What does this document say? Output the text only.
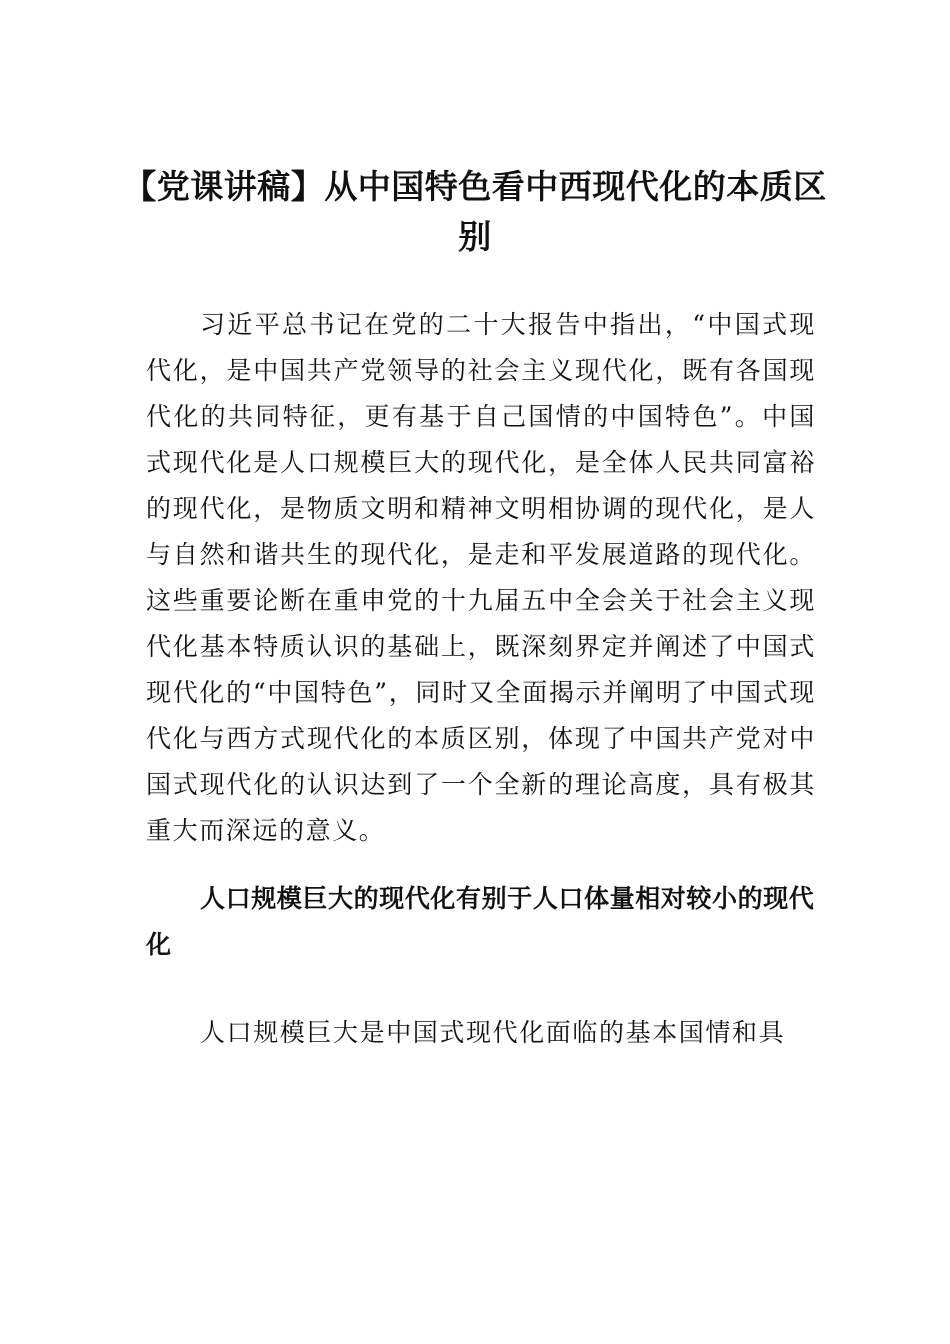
【党课讲稿】从中国特色看中西现代化的本质区别

习近平总书记在党的二十大报告中指出，“中国式现代化，是中国共产党领导的社会主义现代化，既有各国现代化的共同特征，更有基于自己国情的中国特色”。中国式现代化是人口规模巨大的现代化，是全体人民共同富裕的现代化，是物质文明和精神文明相协调的现代化，是人与自然和谐共生的现代化，是走和平发展道路的现代化。这些重要论断在重申党的十九届五中全会关于社会主义现代化基本特质认识的基础上，既深刻界定并阐述了中国式现代化的“中国特色”，同时又全面揭示并阐明了中国式现代化与西方式现代化的本质区别，体现了中国共产党对中国式现代化的认识达到了一个全新的理论高度，具有极其重大而深远的意义。

人口规模巨大的现代化有别于人口体量相对较小的现代化

人口规模巨大是中国式现代化面临的基本国情和具
